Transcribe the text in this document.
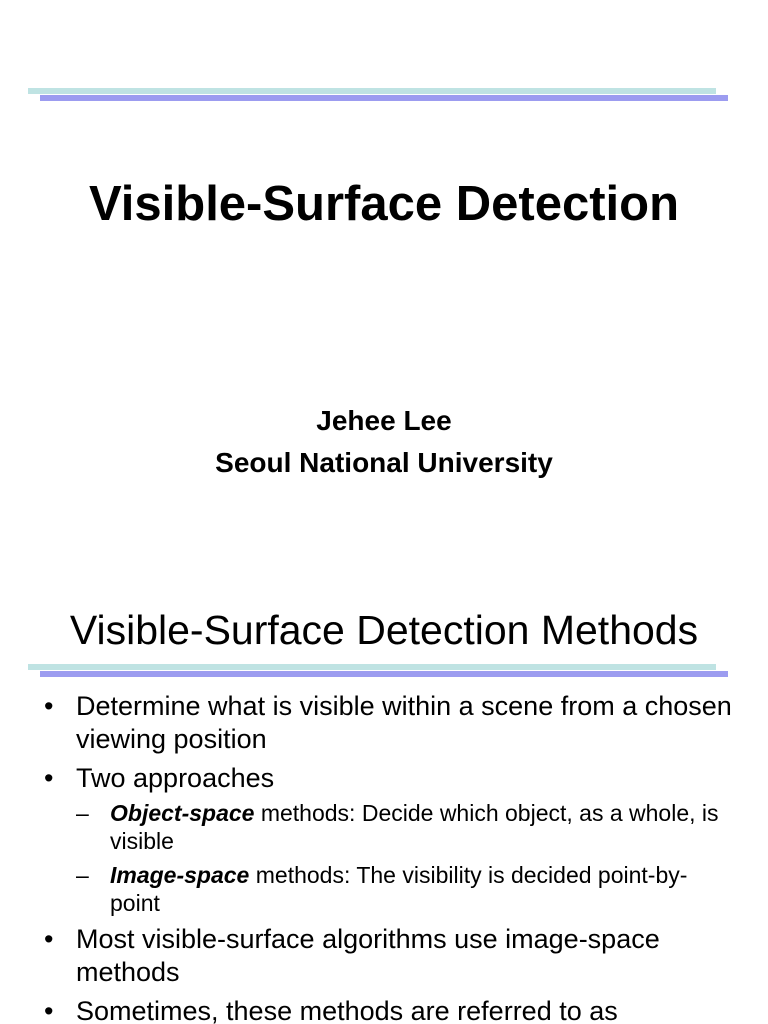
Visible-Surface Detection
Jehee Lee
Seoul National University
Visible-Surface Detection Methods
• Determine what is visible within a scene from a chosen viewing position
• Two approaches
– Object-space methods: Decide which object, as a whole, is visible
– Image-space methods: The visibility is decided point-by-point
• Most visible-surface algorithms use image-space methods
• Sometimes, these methods are referred to as
